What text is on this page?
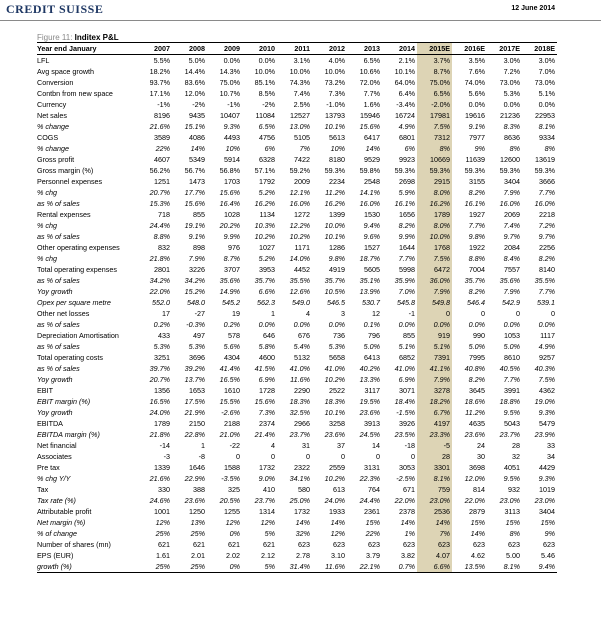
CREDIT SUISSE	12 June 2014
Figure 11: Inditex P&L
Year end January	2007	2008	2009	2010	2011	2012	2013	2014	2015E	2016E	2017E	2018E
LFL	5.5%	5.0%	0.0%	0.0%	3.1%	4.0%	6.5%	2.1%	3.7%	3.5%	3.0%	3.0%
Avg space growth	18.2%	14.4%	14.3%	10.0%	10.0%	10.0%	10.6%	10.1%	8.7%	7.6%	7.2%	7.0%
Conversion	93.7%	83.6%	75.0%	85.1%	74.3%	73.2%	72.0%	64.0%	75.0%	74.0%	73.0%	73.0%
Contbn from new space	17.1%	12.0%	10.7%	8.5%	7.4%	7.3%	7.7%	6.4%	6.5%	5.6%	5.3%	5.1%
Currency	-1%	-2%	-1%	-2%	2.5%	-1.0%	1.6%	-3.4%	-2.0%	0.0%	0.0%	0.0%
Net sales	8196	9435	10407	11084	12527	13793	15946	16724	17981	19616	21236	22953
% change	21.6%	15.1%	9.3%	6.5%	13.0%	10.1%	15.6%	4.9%	7.5%	9.1%	8.3%	8.1%
COGS	3589	4086	4493	4756	5105	5613	6417	6801	7312	7977	8636	9334
% change	22%	14%	10%	6%	7%	10%	14%	6%	8%	9%	8%	8%
Gross profit	4607	5349	5914	6328	7422	8180	9529	9923	10669	11639	12600	13619
Gross margin (%)	56.2%	56.7%	56.8%	57.1%	59.2%	59.3%	59.8%	59.3%	59.3%	59.3%	59.3%	59.3%
Personnel expenses	1251	1473	1703	1792	2009	2234	2548	2698	2915	3155	3404	3666
% chg	20.7%	17.7%	15.6%	5.2%	12.1%	11.2%	14.1%	5.9%	8.0%	8.2%	7.9%	7.7%
as % of sales	15.3%	15.6%	16.4%	16.2%	16.0%	16.2%	16.0%	16.1%	16.2%	16.1%	16.0%	16.0%
Rental expenses	718	855	1028	1134	1272	1399	1530	1656	1789	1927	2069	2218
% chg	24.4%	19.1%	20.2%	10.3%	12.2%	10.0%	9.4%	8.2%	8.0%	7.7%	7.4%	7.2%
as % of sales	8.8%	9.1%	9.9%	10.2%	10.2%	10.1%	9.6%	9.9%	10.0%	9.8%	9.7%	9.7%
Other operating expenses	832	898	976	1027	1171	1286	1527	1644	1768	1922	2084	2256
% chg	21.8%	7.9%	8.7%	5.2%	14.0%	9.8%	18.7%	7.7%	7.5%	8.8%	8.4%	8.2%
Total operating expenses	2801	3226	3707	3953	4452	4919	5605	5998	6472	7004	7557	8140
as % of sales	34.2%	34.2%	35.6%	35.7%	35.5%	35.7%	35.1%	35.9%	36.0%	35.7%	35.6%	35.5%
Yoy growth	22.0%	15.2%	14.9%	6.6%	12.6%	10.5%	13.9%	7.0%	7.9%	8.2%	7.9%	7.7%
Opex per square metre	552.0	548.0	545.2	562.3	549.0	546.5	530.7	545.8	549.8	546.4	542.9	539.1
Other net losses	17	-27	19	1	4	3	12	-1	0	0	0	0
as % of sales	0.2%	-0.3%	0.2%	0.0%	0.0%	0.0%	0.1%	0.0%	0.0%	0.0%	0.0%	0.0%
Depreciation Amortisation	433	497	578	646	676	736	796	855	919	990	1053	1117
as % of sales	5.3%	5.3%	5.6%	5.8%	5.4%	5.3%	5.0%	5.1%	5.1%	5.0%	5.0%	4.9%
Total operating costs	3251	3696	4304	4600	5132	5658	6413	6852	7391	7995	8610	9257
as % of sales	39.7%	39.2%	41.4%	41.5%	41.0%	41.0%	40.2%	41.0%	41.1%	40.8%	40.5%	40.3%
Yoy growth	20.7%	13.7%	16.5%	6.9%	11.6%	10.2%	13.3%	6.9%	7.9%	8.2%	7.7%	7.5%
EBIT	1356	1653	1610	1728	2290	2522	3117	3071	3278	3645	3991	4362
EBIT margin (%)	16.5%	17.5%	15.5%	15.6%	18.3%	18.3%	19.5%	18.4%	18.2%	18.6%	18.8%	19.0%
Yoy growth	24.0%	21.9%	-2.6%	7.3%	32.5%	10.1%	23.6%	-1.5%	6.7%	11.2%	9.5%	9.3%
EBITDA	1789	2150	2188	2374	2966	3258	3913	3926	4197	4635	5043	5479
EBITDA margin (%)	21.8%	22.8%	21.0%	21.4%	23.7%	23.6%	24.5%	23.5%	23.3%	23.6%	23.7%	23.9%
Net financial	-14	1	-22	4	31	37	14	-18	-5	24	28	33
Associates	-3	-8	0	0	0	0	0	0	28	30	32	34
Pre tax	1339	1646	1588	1732	2322	2559	3131	3053	3301	3698	4051	4429
% chg Y/Y	21.6%	22.9%	-3.5%	9.0%	34.1%	10.2%	22.3%	-2.5%	8.1%	12.0%	9.5%	9.3%
Tax	330	388	325	410	580	613	764	671	759	814	932	1019
Tax rate (%)	24.6%	23.6%	20.5%	23.7%	25.0%	24.0%	24.4%	22.0%	23.0%	22.0%	23.0%	23.0%
Attributable profit	1001	1250	1255	1314	1732	1933	2361	2378	2536	2879	3113	3404
Net margin (%)	12%	13%	12%	12%	14%	14%	15%	14%	14%	15%	15%	15%
% of change	25%	25%	0%	5%	32%	12%	22%	1%	7%	14%	8%	9%
Number of shares (mn)	621	621	621	621	623	623	623	623	623	623	623	623
EPS (EUR)	1.61	2.01	2.02	2.12	2.78	3.10	3.79	3.82	4.07	4.62	5.00	5.46
growth (%)	25%	25%	0%	5%	31.4%	11.6%	22.1%	0.7%	6.6%	13.5%	8.1%	9.4%
